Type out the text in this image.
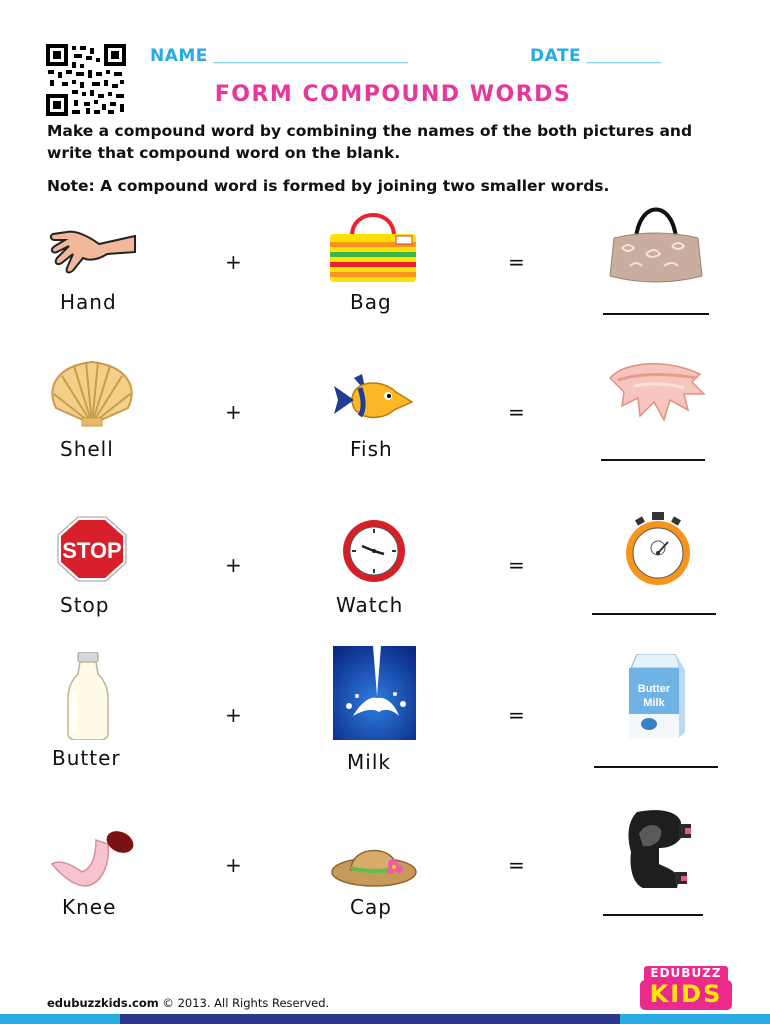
NAME _______________________________________	DATE _______________
FORM COMPOUND WORDS
Make a compound word by combining the names of the both pictures and
write that compound word on the blank.
Note: A compound word is formed by joining two smaller words.
Hand
+
Bag
=
Shell
+
Fish
=
STOP
Stop
+
Watch
=
Butter
+
Milk
=
Butter
Milk
Knee
+
Cap
=
edubuzzkids.com © 2013. All Rights Reserved.
EDUBUZZ
KIDS
